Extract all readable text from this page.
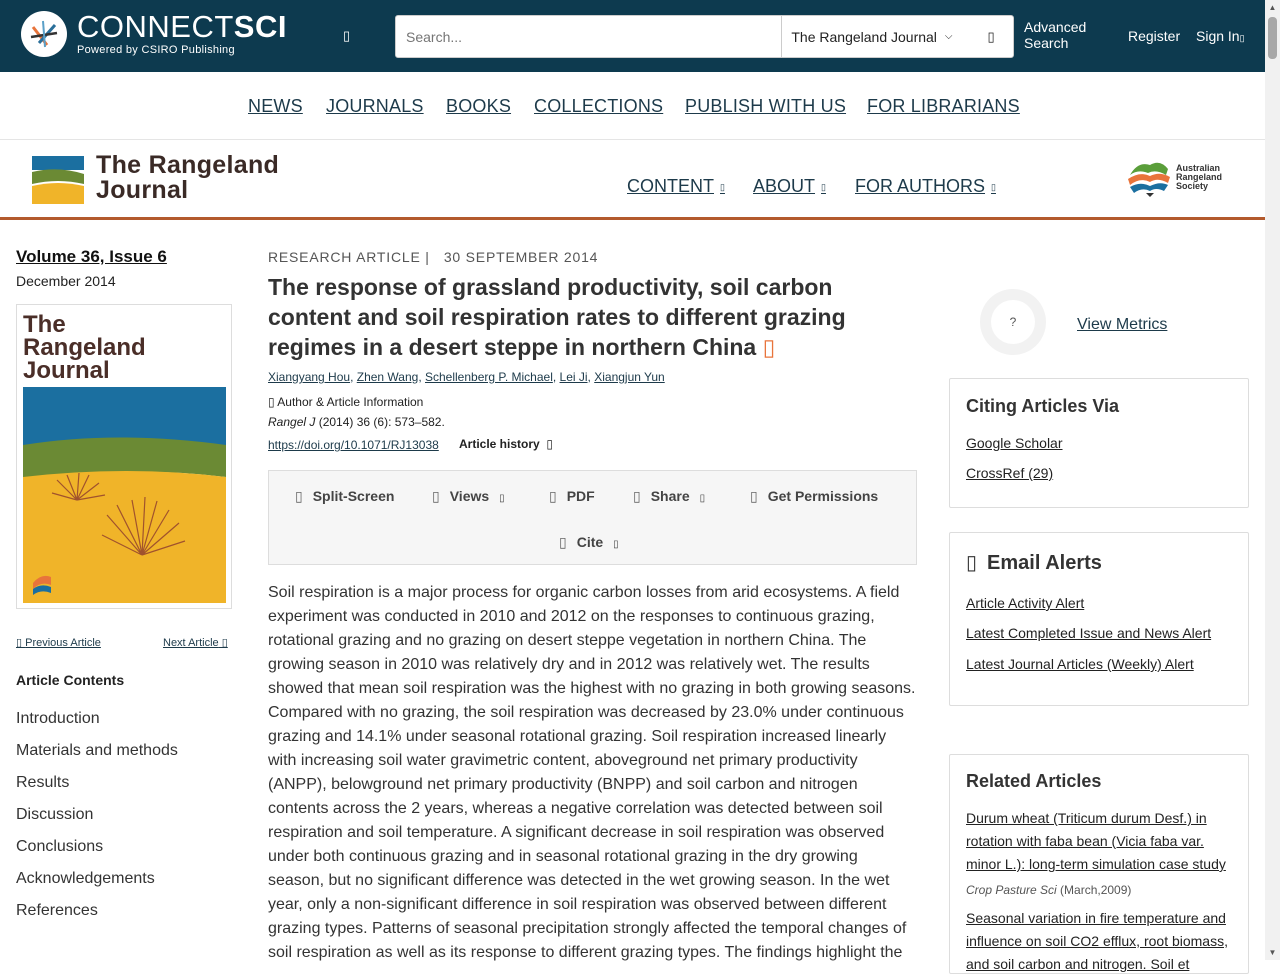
CONNECTSCI
Powered by CSIRO Publishing
▯
Search...	The Rangeland Journal ⌵	▯
Advanced
Search	Register Sign In▯
▲
▼
NEWS JOURNALS BOOKS COLLECTIONS PUBLISH WITH US FOR LIBRARIANS
The Rangeland
Journal	CONTENT ▯ ABOUT ▯ FOR AUTHORS ▯
Australian
Rangeland
Society
Volume 36, Issue 6
December 2014
The
Rangeland
Journal
▯ Previous Article	Next Article ▯
Article Contents
Introduction
Materials and methods
Results
Discussion
Conclusions
Acknowledgements
References
RESEARCH ARTICLE |   30 SEPTEMBER 2014
The response of grassland productivity, soil carbon content and soil respiration rates to different grazing regimes in a desert steppe in northern China ▯
Xiangyang Hou, Zhen Wang, Schellenberg P. Michael, Lei Ji, Xiangjun Yun
▯ Author & Article Information
Rangel J (2014) 36 (6): 573–582.
https://doi.org/10.1071/RJ13038 Article history  ▯
▯ Split-Screen	▯ Views ▯	▯ PDF	▯ Share ▯	▯ Get Permissions
▯ Cite ▯
Soil respiration is a major process for organic carbon losses from arid ecosystems. A field experiment was conducted in 2010 and 2012 on the responses to continuous grazing, rotational grazing and no grazing on desert steppe vegetation in northern China. The growing season in 2010 was relatively dry and in 2012 was relatively wet. The results showed that mean soil respiration was the highest with no grazing in both growing seasons. Compared with no grazing, the soil respiration was decreased by 23.0% under continuous grazing and 14.1% under seasonal rotational grazing. Soil respiration increased linearly with increasing soil water gravimetric content, aboveground net primary productivity (ANPP), belowground net primary productivity (BNPP) and soil carbon and nitrogen contents across the 2 years, whereas a negative correlation was detected between soil respiration and soil temperature. A significant decrease in soil respiration was observed under both continuous grazing and in seasonal rotational grazing in the dry growing season, but no significant difference was detected in the wet growing season. In the wet year, only a non-significant difference in soil respiration was observed between different grazing types. Patterns of seasonal precipitation strongly affected the temporal changes of soil respiration as well as its response to different grazing types. The findings highlight the
?	View Metrics
Citing Articles Via
Google Scholar
CrossRef (29)
▯ Email Alerts
Article Activity Alert
Latest Completed Issue and News Alert
Latest Journal Articles (Weekly) Alert
Related Articles
Durum wheat (Triticum durum Desf.) in rotation with faba bean (Vicia faba var. minor L.): long-term simulation case study
Crop Pasture Sci (March,2009)
Seasonal variation in fire temperature and influence on soil CO2 efflux, root biomass, and soil carbon and nitrogen. Soil et
